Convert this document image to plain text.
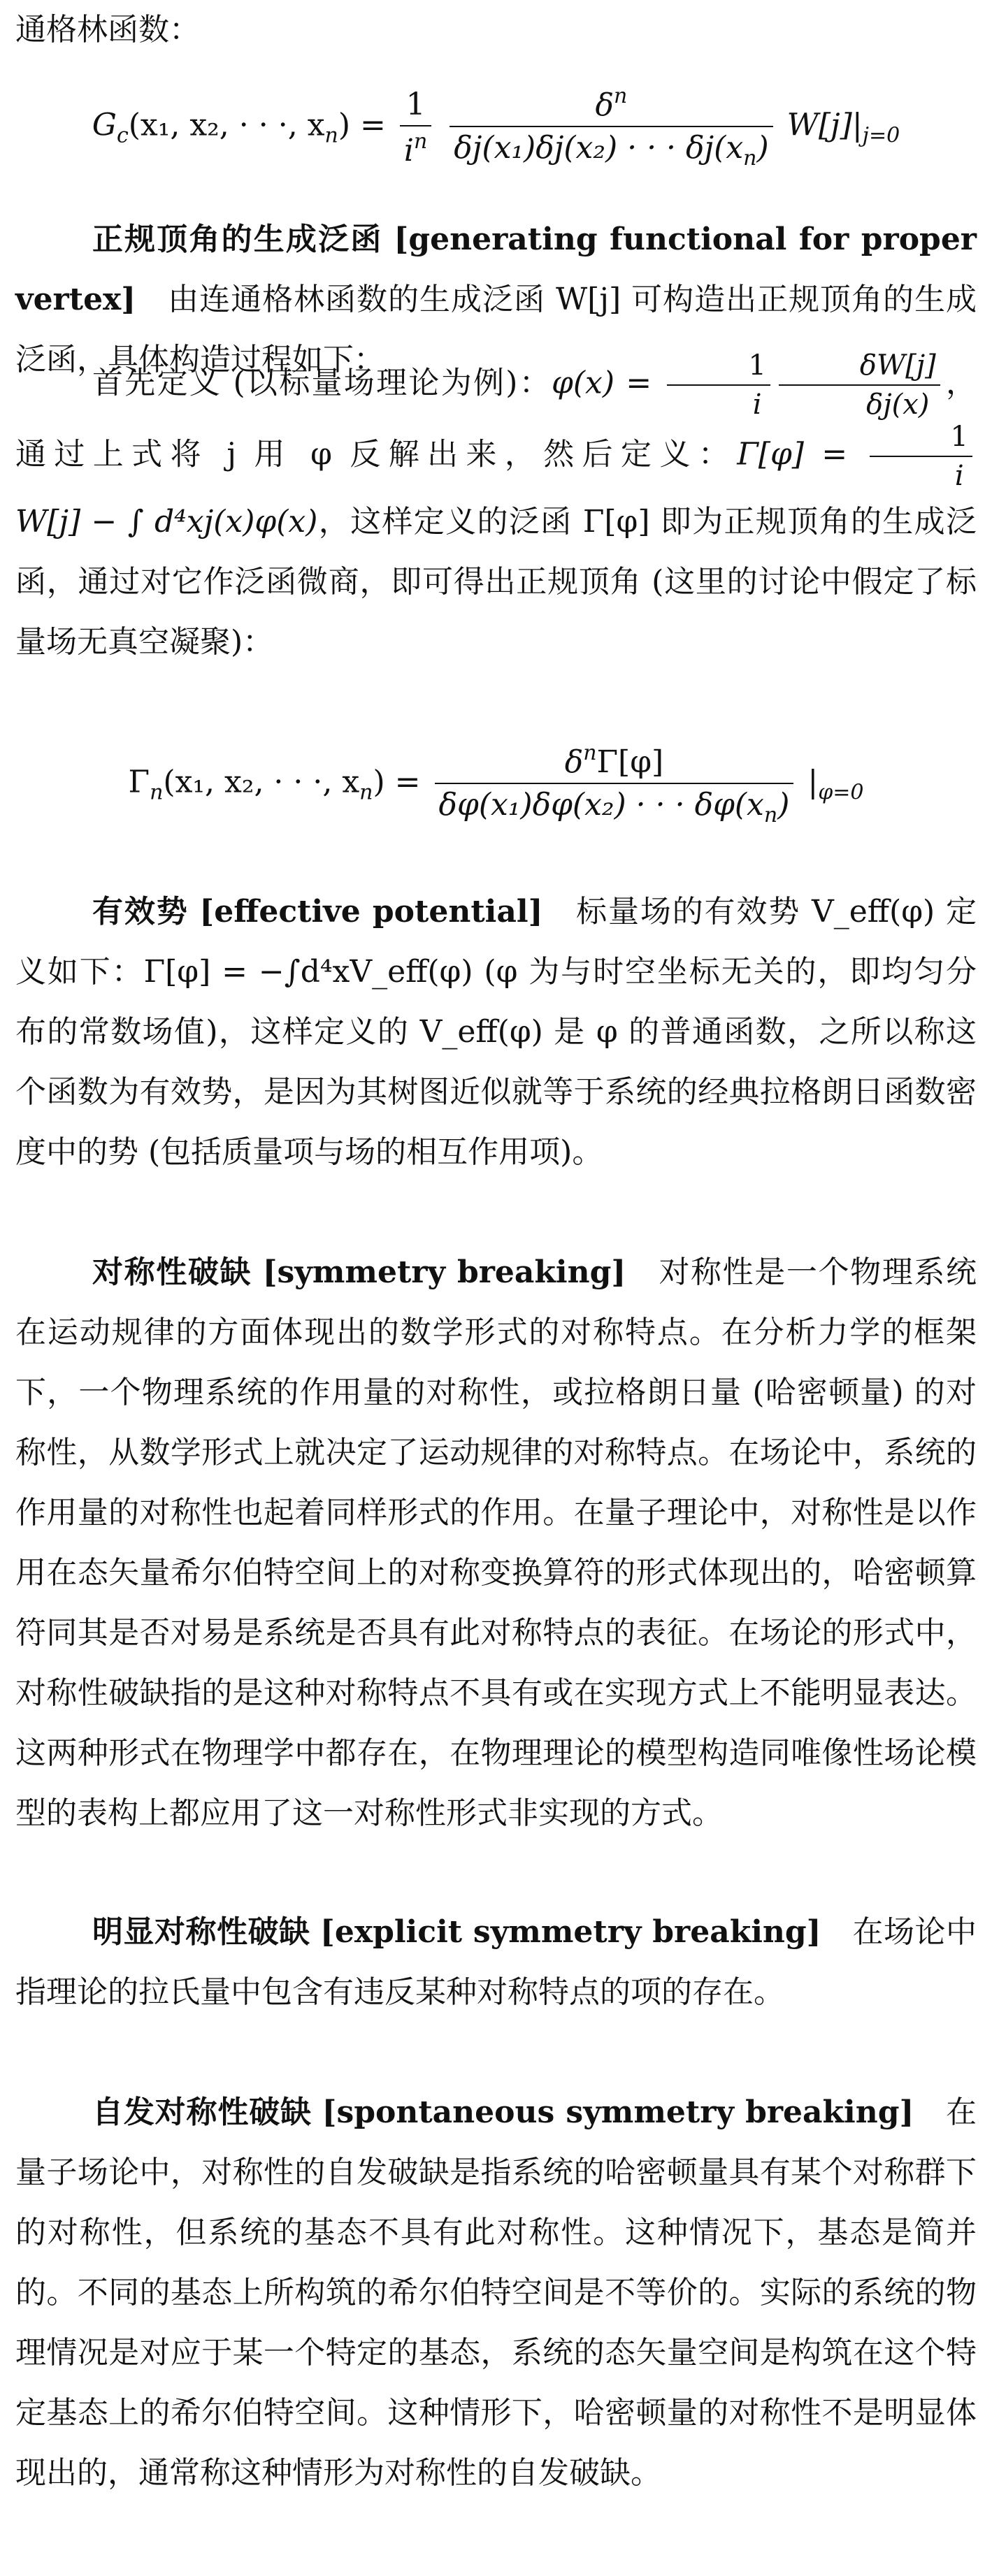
通格林函数：

$G_c(x_1$, x₂, · · ·, $x_n) = \frac{1}{i^n}$
$\frac{\delta^n}{\delta j(x_1)\delta j(x_2) \cdot \cdot \cdot \delta j(x_n)} W[j]|_{j=0}$

正规顶角的生成泛函 [generating functional for proper vertex]　 由连通格林函数的生成泛函 W[j] 可构造出正规顶角的生成泛函，具体构造过程如下：

首先定义 (以标量场理论为例)：$\varphi(x) = \frac{1}{i} \frac{\delta W[j]}{\delta j(x)}$ ，通过上式将 j 用 φ 反解出来，然后定义：$\Gamma[\varphi] = \frac{1}{i}$
W[j] − ∫ d⁴xj(x)φ(x)，这样定义的泛函 Γ[φ] 即为正规顶角的生成泛函，通过对它作泛函微商，即可得出正规顶角 (这里的讨论中假定了标量场无真空凝聚)：

$\Gamma_n(x_1$, x₂, · · ·, $x_n) = \frac{\delta^n\Gamma[\varphi]}{\delta\varphi(x_1)\delta\varphi(x_2) \cdot \cdot \cdot \delta\varphi(x_n)} |_{\varphi=0}$

有效势 [effective potential]　 标量场的有效势 V_eff(φ) 定义如下：Γ[φ] = −∫d⁴xV_eff(φ) (φ 为与时空坐标无关的，即均匀分布的常数场值)，这样定义的 V_eff(φ) 是 φ 的普通函数，之所以称这个函数为有效势，是因为其树图近似就等于系统的经典拉格朗日函数密度中的势 (包括质量项与场的相互作用项)。

对称性破缺 [symmetry breaking]　 对称性是一个物理系统在运动规律的方面体现出的数学形式的对称特点。在分析力学的框架下，一个物理系统的作用量的对称性，或拉格朗日量 (哈密顿量) 的对称性，从数学形式上就决定了运动规律的对称特点。在场论中，系统的作用量的对称性也起着同样形式的作用。在量子理论中，对称性是以作用在态矢量希尔伯特空间上的对称变换算符的形式体现出的，哈密顿算符同其是否对易是系统是否具有此对称特点的表征。在场论的形式中，对称性破缺指的是这种对称特点不具有或在实现方式上不能明显表达。这两种形式在物理学中都存在，在物理理论的模型构造同唯像性场论模型的表构上都应用了这一对称性形式非实现的方式。

明显对称性破缺 [explicit symmetry breaking]　 在场论中指理论的拉氏量中包含有违反某种对称特点的项的存在。

自发对称性破缺 [spontaneous symmetry breaking]　 在量子场论中，对称性的自发破缺是指系统的哈密顿量具有某个对称群下的对称性，但系统的基态不具有此对称性。这种情况下，基态是简并的。不同的基态上所构筑的希尔伯特空间是不等价的。实际的系统的物理情况是对应于某一个特定的基态，系统的态矢量空间是构筑在这个特定基态上的希尔伯特空间。这种情形下，哈密顿量的对称性不是明显体现出的，通常称这种情形为对称性的自发破缺。
